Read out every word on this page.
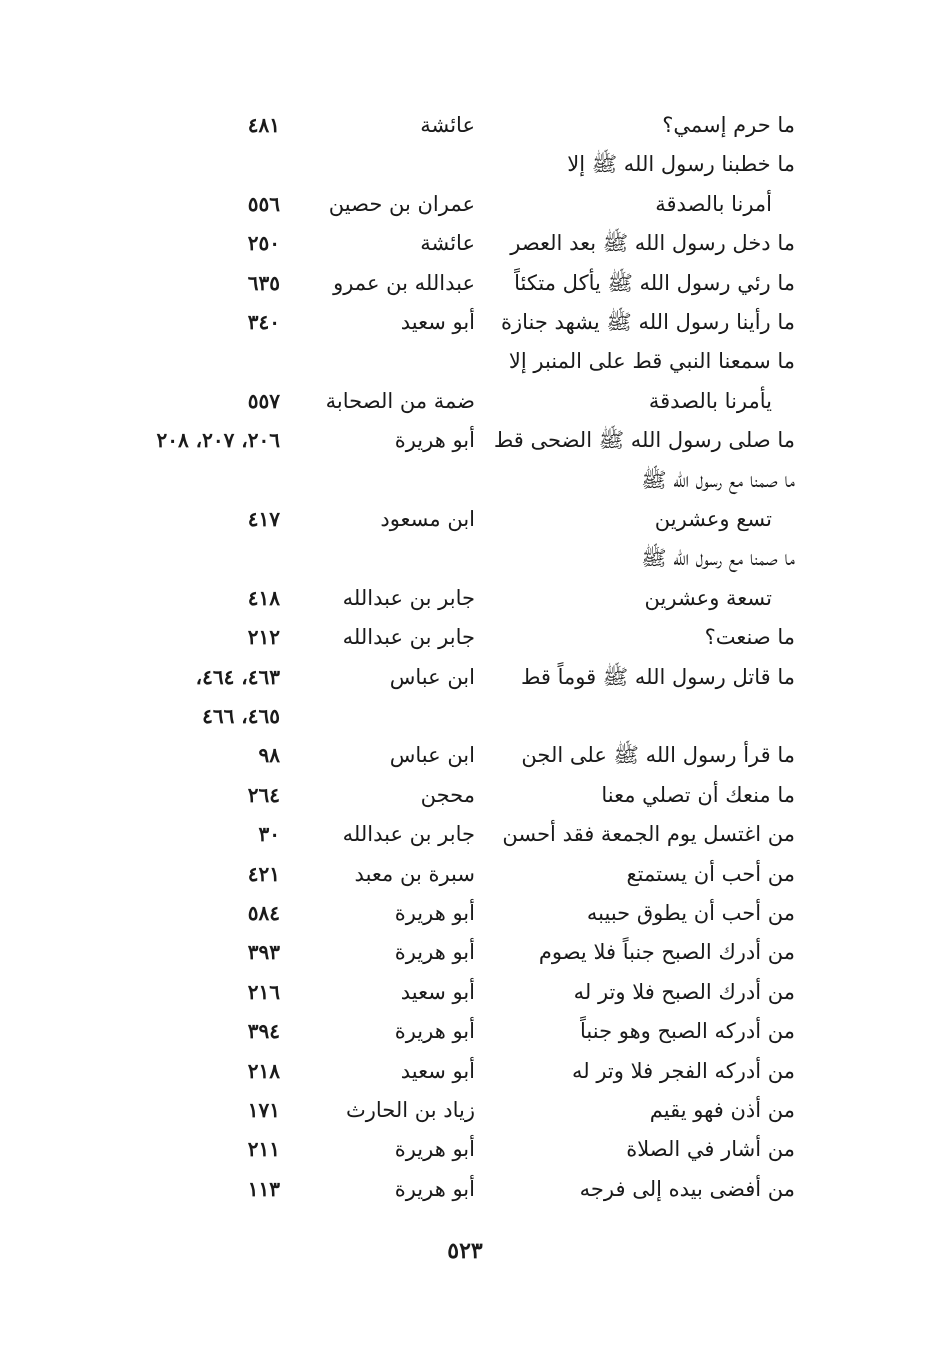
ما حرم إسمي؟
عائشة
٤٨١
ما خطبنا رسول الله ﷺ إلا
أمرنا بالصدقة
عمران بن حصين
٥٥٦
ما دخل رسول الله ﷺ بعد العصر
عائشة
٢٥٠
ما رئي رسول الله ﷺ يأكل متكئاً
عبدالله بن عمرو
٦٣٥
ما رأينا رسول الله ﷺ يشهد جنازة
أبو سعيد
٣٤٠
ما سمعنا النبي قط على المنبر إلا
يأمرنا بالصدقة
ضمة من الصحابة
٥٥٧
ما صلى رسول الله ﷺ الضحى قط
أبو هريرة
٢٠٦، ٢٠٧، ٢٠٨
ما صمنا مع رسول الله ﷺ
تسع وعشرين
ابن مسعود
٤١٧
ما صمنا مع رسول الله ﷺ
تسعة وعشرين
جابر بن عبدالله
٤١٨
ما صنعت؟
جابر بن عبدالله
٢١٢
ما قاتل رسول الله ﷺ قوماً قط
ابن عباس
٤٦٣، ٤٦٤،
٤٦٥، ٤٦٦
ما قرأ رسول الله ﷺ على الجن
ابن عباس
٩٨
ما منعك أن تصلي معنا
محجن
٢٦٤
من اغتسل يوم الجمعة فقد أحسن
جابر بن عبدالله
٣٠
من أحب أن يستمتع
سبرة بن معبد
٤٢١
من أحب أن يطوق حبيبه
أبو هريرة
٥٨٤
من أدرك الصبح جنباً فلا يصوم
أبو هريرة
٣٩٣
من أدرك الصبح فلا وتر له
أبو سعيد
٢١٦
من أدركه الصبح وهو جنباً
أبو هريرة
٣٩٤
من أدركه الفجر فلا وتر له
أبو سعيد
٢١٨
من أذن فهو يقيم
زياد بن الحارث
١٧١
من أشار في الصلاة
أبو هريرة
٢١١
من أفضى بيده إلى فرجه
أبو هريرة
١١٣
٥٢٣
